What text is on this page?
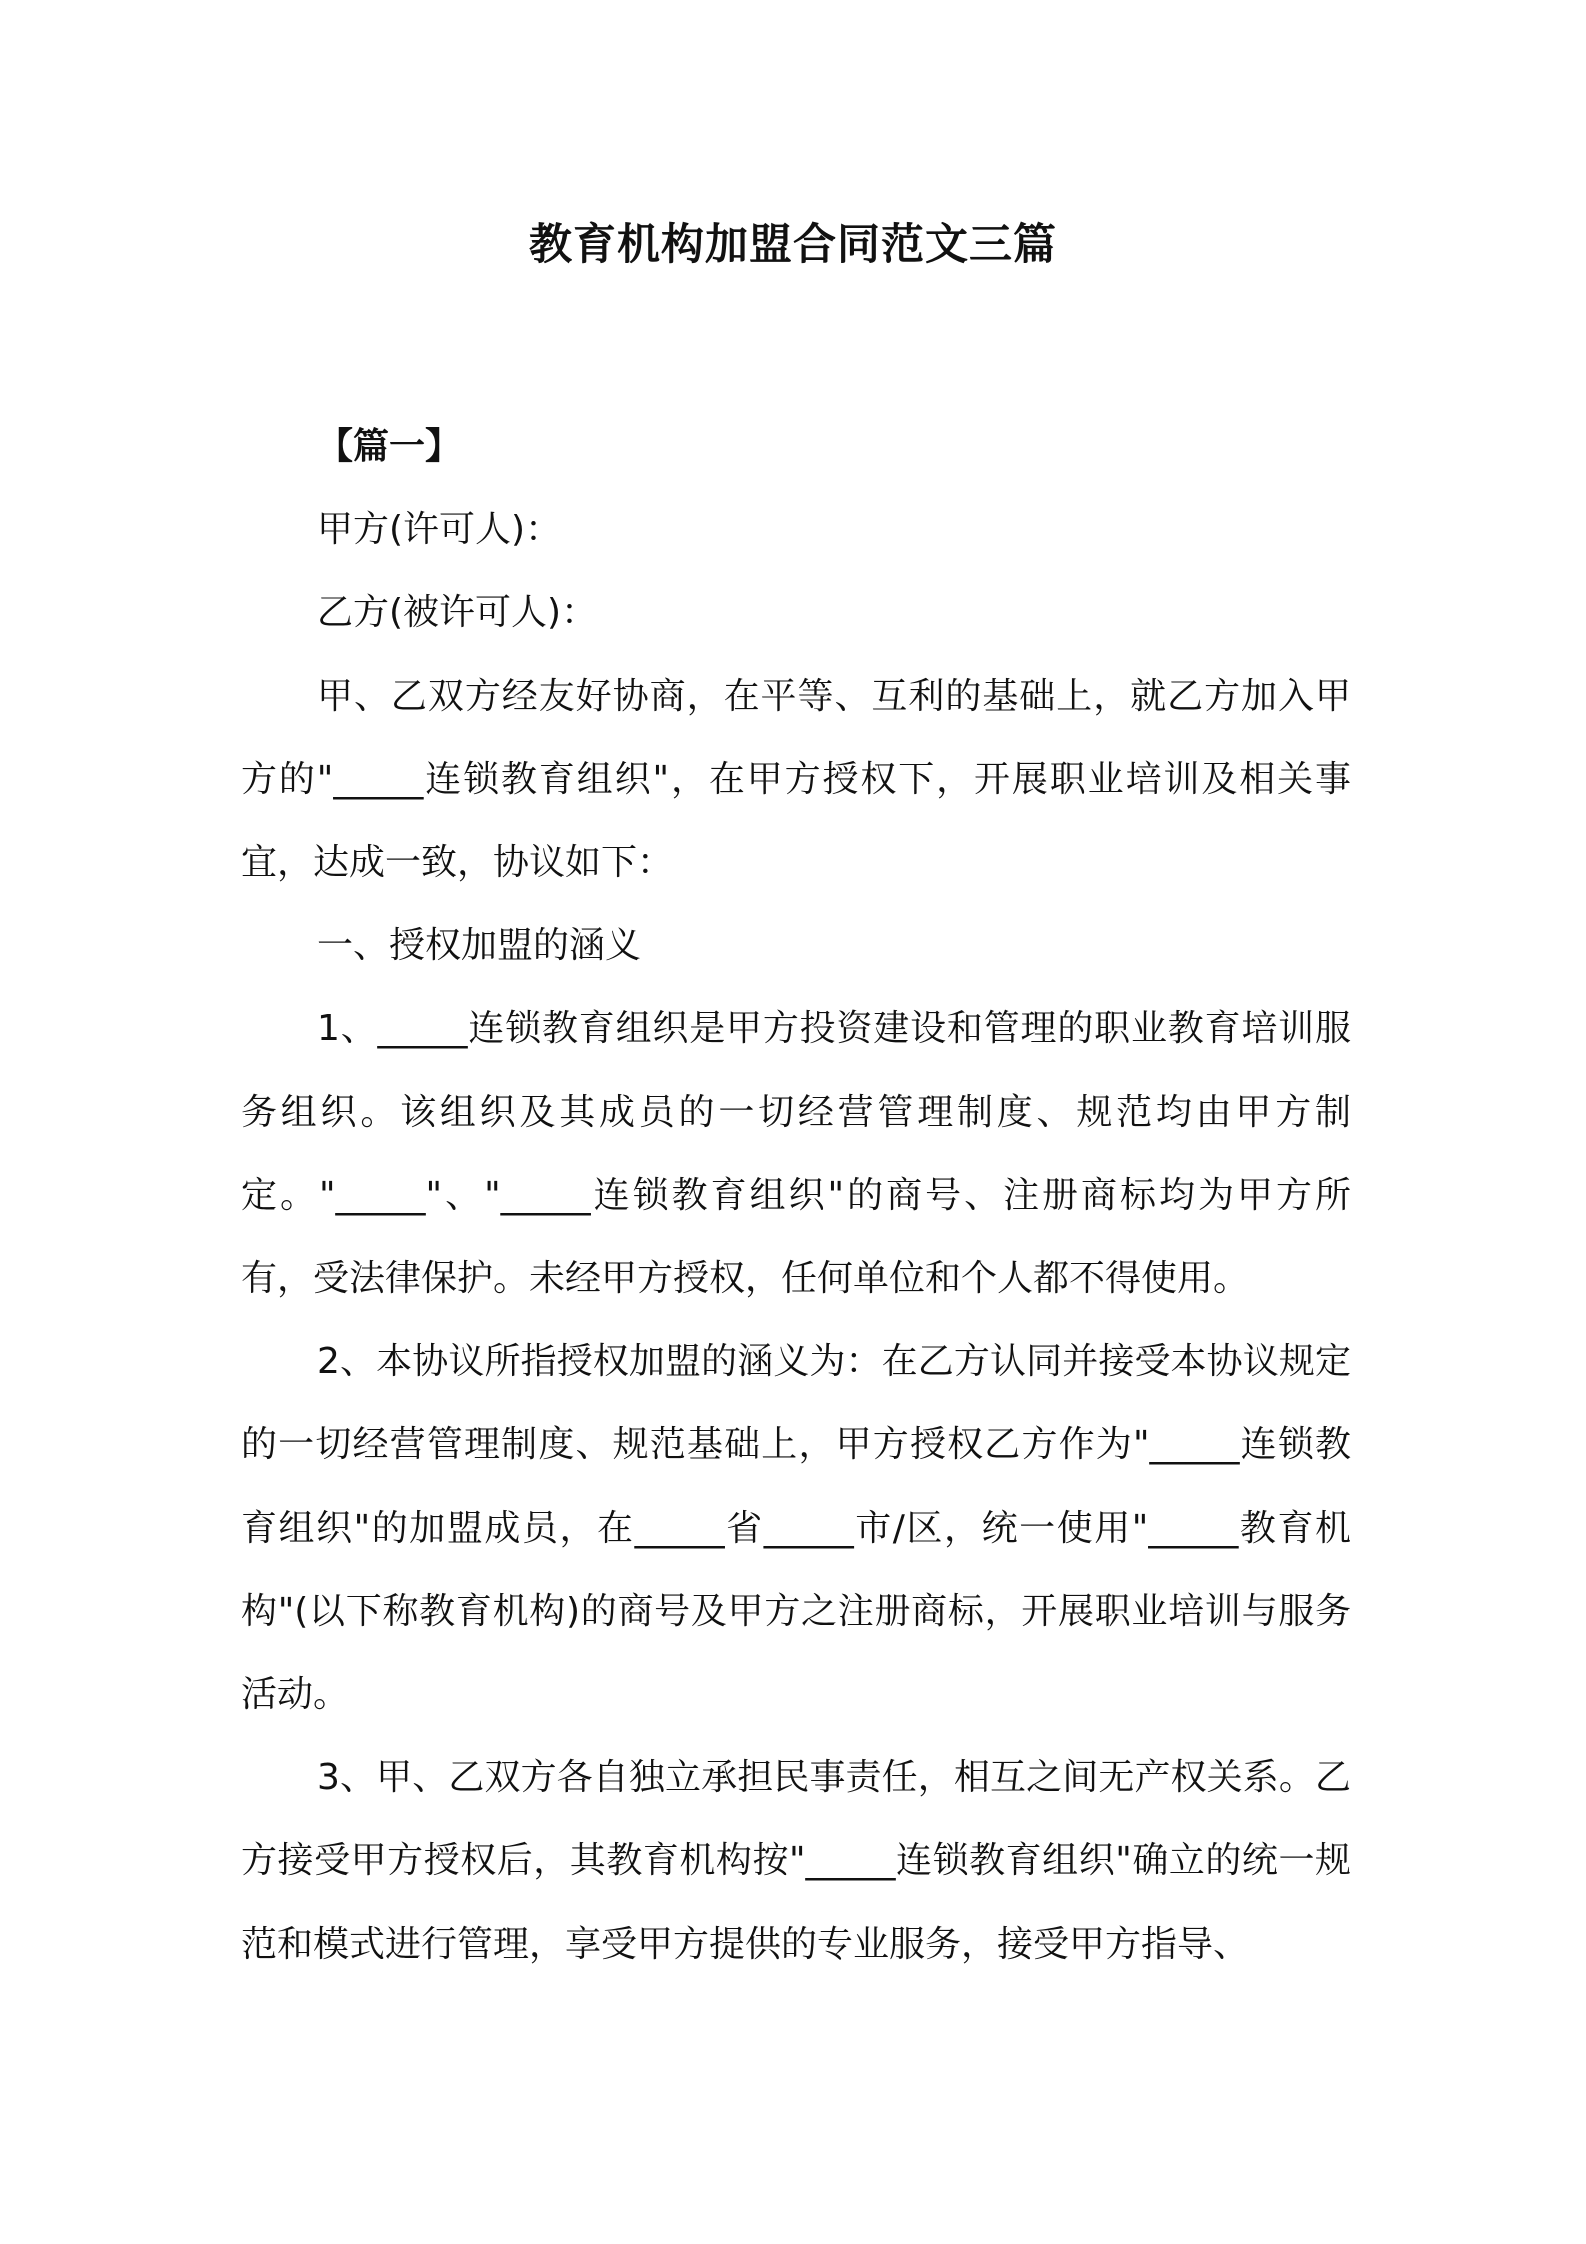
教育机构加盟合同范文三篇

【篇一】

甲方(许可人)：

乙方(被许可人)：

甲、乙双方经友好协商，在平等、互利的基础上，就乙方加入甲方的"_____连锁教育组织"，在甲方授权下，开展职业培训及相关事宜，达成一致，协议如下：

一、授权加盟的涵义

1、_____连锁教育组织是甲方投资建设和管理的职业教育培训服务组织。该组织及其成员的一切经营管理制度、规范均由甲方制定。"_____"、"_____连锁教育组织"的商号、注册商标均为甲方所有，受法律保护。未经甲方授权，任何单位和个人都不得使用。

2、本协议所指授权加盟的涵义为：在乙方认同并接受本协议规定的一切经营管理制度、规范基础上，甲方授权乙方作为"_____连锁教育组织"的加盟成员，在_____省_____市/区，统一使用"_____教育机构"(以下称教育机构)的商号及甲方之注册商标，开展职业培训与服务活动。

3、甲、乙双方各自独立承担民事责任，相互之间无产权关系。乙方接受甲方授权后，其教育机构按"_____连锁教育组织"确立的统一规范和模式进行管理，享受甲方提供的专业服务，接受甲方指导、
